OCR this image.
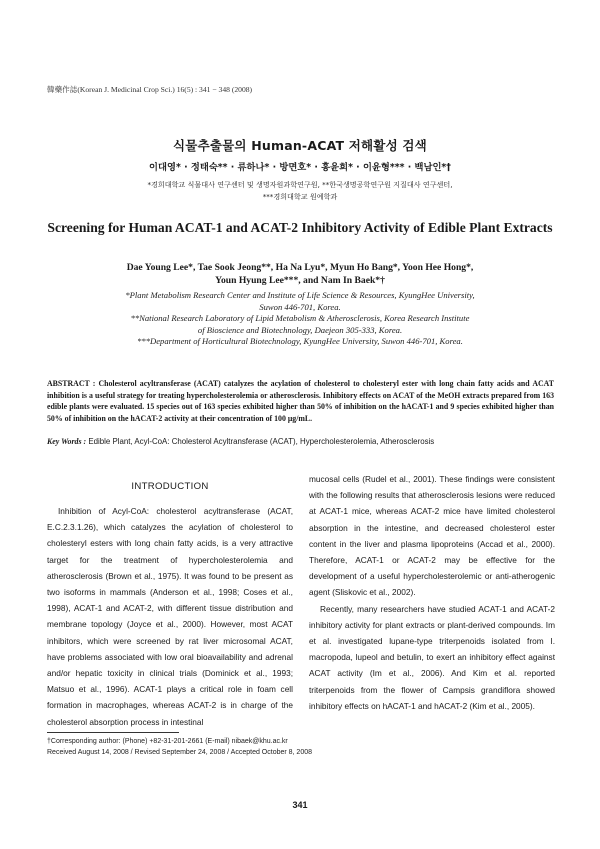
韓藥作誌(Korean J. Medicinal Crop Sci.) 16(5) : 341 − 348 (2008)
식물추출물의 Human-ACAT 저해활성 검색
이대영* · 정태숙** · 류하나* · 방면호* · 홍윤희* · 이윤형*** · 백남인*†
*경희대학교 식물대사 연구센터 및 생명자원과학연구원, **한국생명공학연구원 지질대사 연구센터,
***경희대학교 원예학과
Screening for Human ACAT-1 and ACAT-2 Inhibitory Activity of Edible Plant Extracts
Dae Young Lee*, Tae Sook Jeong**, Ha Na Lyu*, Myun Ho Bang*, Yoon Hee Hong*,
Youn Hyung Lee***, and Nam In Baek*†
*Plant Metabolism Research Center and Institute of Life Science & Resources, KyungHee University,
Suwon 446-701, Korea.
**National Research Laboratory of Lipid Metabolism & Atherosclerosis, Korea Research Institute
of Bioscience and Biotechnology, Daejeon 305-333, Korea.
***Department of Horticultural Biotechnology, KyungHee University, Suwon 446-701, Korea.
ABSTRACT : Cholesterol acyltransferase (ACAT) catalyzes the acylation of cholesterol to cholesteryl ester with long chain fatty acids and ACAT inhibition is a useful strategy for treating hypercholesterolemia or atherosclerosis. Inhibitory effects on ACAT of the MeOH extracts prepared from 163 edible plants were evaluated. 15 species out of 163 species exhibited higher than 50% of inhibition on the hACAT-1 and 9 species exhibited higher than 50% of inhibition on the hACAT-2 activity at their concentration of 100 μg/mL.
Key Words : Edible Plant, Acyl-CoA: Cholesterol Acyltransferase (ACAT), Hypercholesterolemia, Atherosclerosis
INTRODUCTION

Inhibition of Acyl-CoA: cholesterol acyltransferase (ACAT, E.C.2.3.1.26), which catalyzes the acylation of cholesterol to cholesteryl esters with long chain fatty acids, is a very attractive target for the treatment of hypercholesterolemia and atherosclerosis (Brown et al., 1975). It was found to be present as two isoforms in mammals (Anderson et al., 1998; Coses et al., 1998), ACAT-1 and ACAT-2, with different tissue distribution and membrane topology (Joyce et al., 2000). However, most ACAT inhibitors, which were screened by rat liver microsomal ACAT, have problems associated with low oral bioavailability and adrenal and/or hepatic toxicity in clinical trials (Dominick et al., 1993; Matsuo et al., 1996). ACAT-1 plays a critical role in foam cell formation in macrophages, whereas ACAT-2 is in charge of the cholesterol absorption process in intestinal

mucosal cells (Rudel et al., 2001). These findings were consistent with the following results that atherosclerosis lesions were reduced at ACAT-1 mice, whereas ACAT-2 mice have limited cholesterol absorption in the intestine, and decreased cholesterol ester content in the liver and plasma lipoproteins (Accad et al., 2000). Therefore, ACAT-1 or ACAT-2 may be effective for the development of a useful hypercholesterolemic or anti-atherogenic agent (Sliskovic et al., 2002).

Recently, many researchers have studied ACAT-1 and ACAT-2 inhibitory activity for plant extracts or plant-derived compounds. Im et al. investigated lupane-type triterpenoids isolated from I. macropoda, lupeol and betulin, to exert an inhibitory effect against ACAT activity (Im et al., 2006). And Kim et al. reported triterpenoids from the flower of Campsis grandiflora showed inhibitory effects on hACAT-1 and hACAT-2 (Kim et al., 2005).

†Corresponding author: (Phone) +82-31-201-2661 (E-mail) nibaek@khu.ac.kr
Received August 14, 2008 / Revised September 24, 2008 / Accepted October 8, 2008
341
